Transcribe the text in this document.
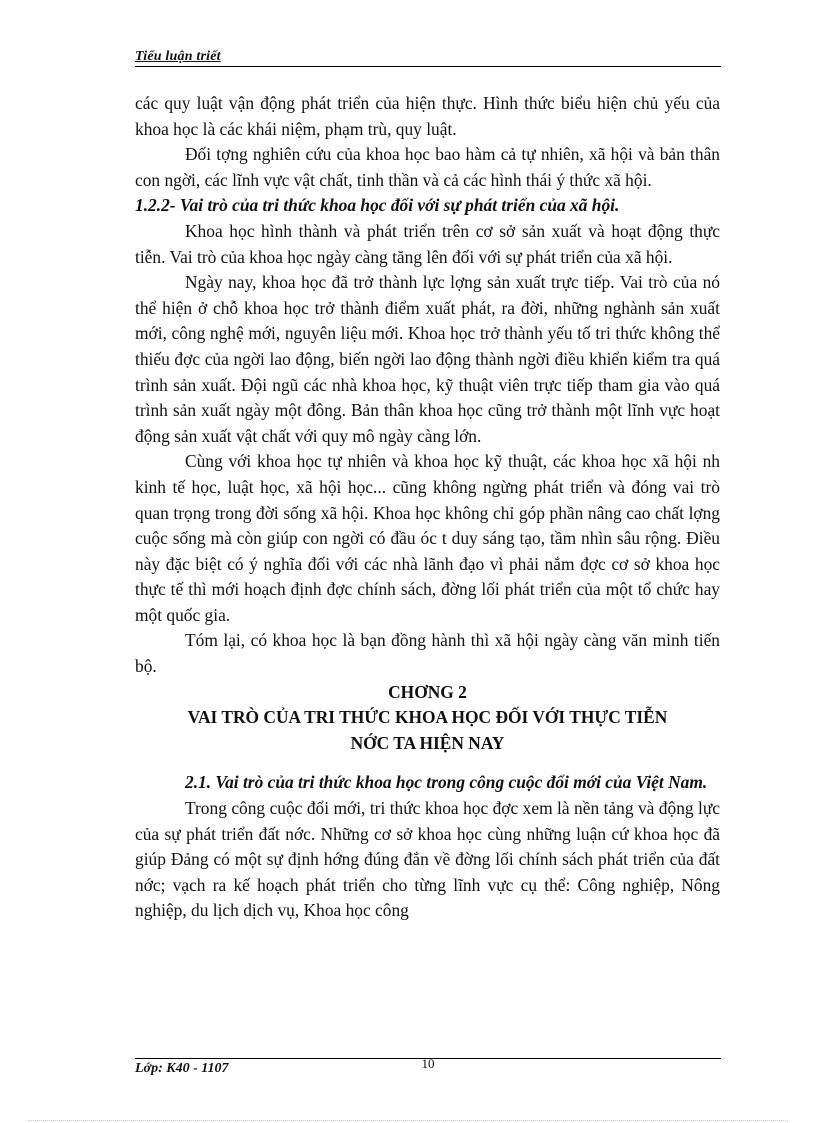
Tiểu luận triết

các quy luật vận động phát triển của hiện thực. Hình thức biểu hiện chủ yếu của khoa học là các khái niệm, phạm trù, quy luật.

Đối tợng nghiên cứu của khoa học bao hàm cả tự nhiên, xã hội và bản thân con ngời, các lĩnh vực vật chất, tinh thần và cả các hình thái ý thức xã hội.

1.2.2- Vai trò của tri thức khoa học đối với sự phát triển của xã hội.

Khoa học hình thành và phát triển trên cơ sở sản xuất và hoạt động thực tiễn. Vai trò của khoa học ngày càng tăng lên đối với sự phát triển của xã hội.

Ngày nay, khoa học đã trở thành lực lợng sản xuất trực tiếp. Vai trò của nó thể hiện ở chỗ khoa học trở thành điểm xuất phát, ra đời, những nghành sản xuất mới, công nghệ mới, nguyên liệu mới. Khoa học trở thành yếu tố tri thức không thể thiếu đợc của ngời lao động, biến ngời lao động thành ngời điều khiển kiểm tra quá trình sản xuất. Đội ngũ các nhà khoa học, kỹ thuật viên trực tiếp tham gia vào quá trình sản xuất ngày một đông. Bản thân khoa học cũng trở thành một lĩnh vực hoạt động sản xuất vật chất với quy mô ngày càng lớn.

Cùng với khoa học tự nhiên và khoa học kỹ thuật, các khoa học xã hội nh kinh tế học, luật học, xã hội học... cũng không ngừng phát triển và đóng vai trò quan trọng trong đời sống xã hội. Khoa học không chỉ góp phần nâng cao chất lợng cuộc sống mà còn giúp con ngời có đầu óc t duy sáng tạo, tầm nhìn sâu rộng. Điều này đặc biệt có ý nghĩa đối với các nhà lãnh đạo vì phải nắm đợc cơ sở khoa học thực tế thì mới hoạch định đợc chính sách, đờng lối phát triển của một tổ chức hay một quốc gia.

Tóm lại, có khoa học là bạn đồng hành thì xã hội ngày càng văn minh tiến bộ.

CHƠNG 2

VAI TRÒ CỦA TRI THỨC KHOA HỌC ĐỐI VỚI THỰC TIỄN

NỚC TA HIỆN NAY

2.1. Vai trò của tri thức khoa học trong công cuộc đổi mới của Việt Nam.

Trong công cuộc đổi mới, tri thức khoa học đợc xem là nền tảng và động lực của sự phát triển đất nớc. Những cơ sở khoa học cùng những luận cứ khoa học đã giúp Đảng có một sự định hớng đúng đắn về đờng lối chính sách phát triển của đất nớc; vạch ra kế hoạch phát triển cho từng lĩnh vực cụ thể: Công nghiệp, Nông nghiệp, du lịch dịch vụ, Khoa học công

Lớp: K40 - 1107	10
